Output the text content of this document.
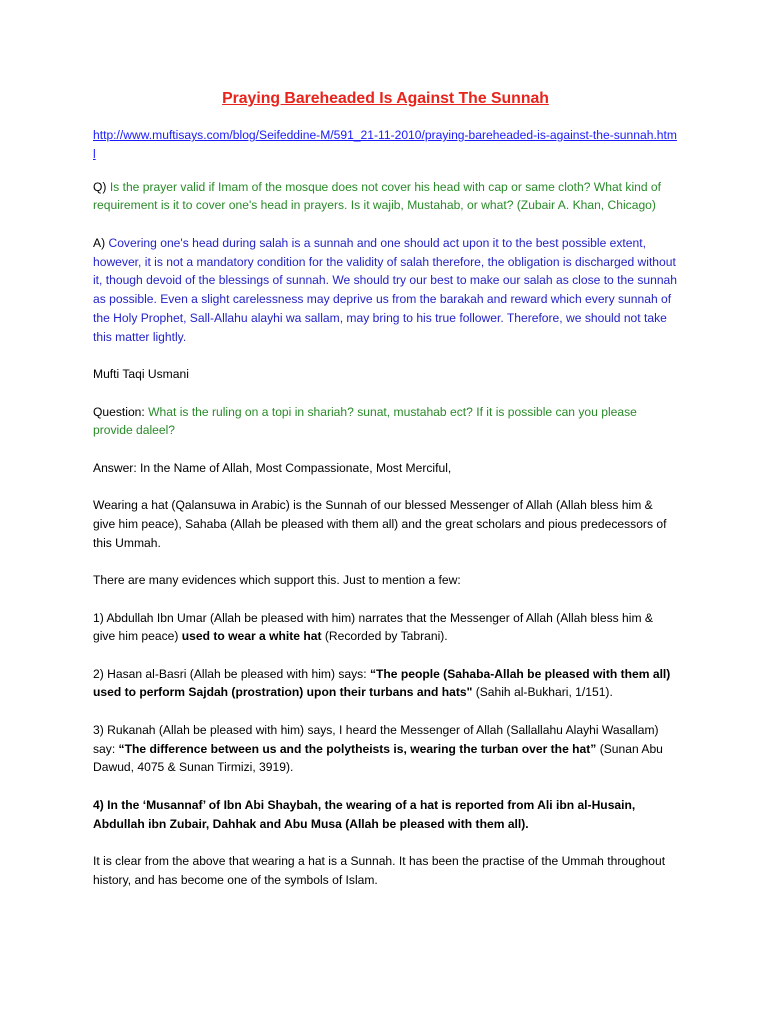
Praying Bareheaded Is Against The Sunnah
http://www.muftisays.com/blog/Seifeddine-M/591_21-11-2010/praying-bareheaded-is-against-the-sunnah.html
Q) Is the prayer valid if Imam of the mosque does not cover his head with cap or same cloth? What kind of requirement is it to cover one's head in prayers. Is it wajib, Mustahab, or what? (Zubair A. Khan, Chicago)
A) Covering one's head during salah is a sunnah and one should act upon it to the best possible extent, however, it is not a mandatory condition for the validity of salah therefore, the obligation is discharged without it, though devoid of the blessings of sunnah. We should try our best to make our salah as close to the sunnah as possible. Even a slight carelessness may deprive us from the barakah and reward which every sunnah of the Holy Prophet, Sall-Allahu alayhi wa sallam, may bring to his true follower. Therefore, we should not take this matter lightly.
Mufti Taqi Usmani
Question: What is the ruling on a topi in shariah? sunat, mustahab ect? If it is possible can you please provide daleel?
Answer: In the Name of Allah, Most Compassionate, Most Merciful,
Wearing a hat (Qalansuwa in Arabic) is the Sunnah of our blessed Messenger of Allah (Allah bless him & give him peace), Sahaba (Allah be pleased with them all) and the great scholars and pious predecessors of this Ummah.
There are many evidences which support this. Just to mention a few:
1) Abdullah Ibn Umar (Allah be pleased with him) narrates that the Messenger of Allah (Allah bless him & give him peace) used to wear a white hat (Recorded by Tabrani).
2) Hasan al-Basri (Allah be pleased with him) says: “The people (Sahaba-Allah be pleased with them all) used to perform Sajdah (prostration) upon their turbans and hats" (Sahih al-Bukhari, 1/151).
3) Rukanah (Allah be pleased with him) says, I heard the Messenger of Allah (Sallallahu Alayhi Wasallam) say: “The difference between us and the polytheists is, wearing the turban over the hat” (Sunan Abu Dawud, 4075 & Sunan Tirmizi, 3919).
4) In the ‘Musannaf’ of Ibn Abi Shaybah, the wearing of a hat is reported from Ali ibn al-Husain, Abdullah ibn Zubair, Dahhak and Abu Musa (Allah be pleased with them all).
It is clear from the above that wearing a hat is a Sunnah. It has been the practise of the Ummah throughout history, and has become one of the symbols of Islam.
